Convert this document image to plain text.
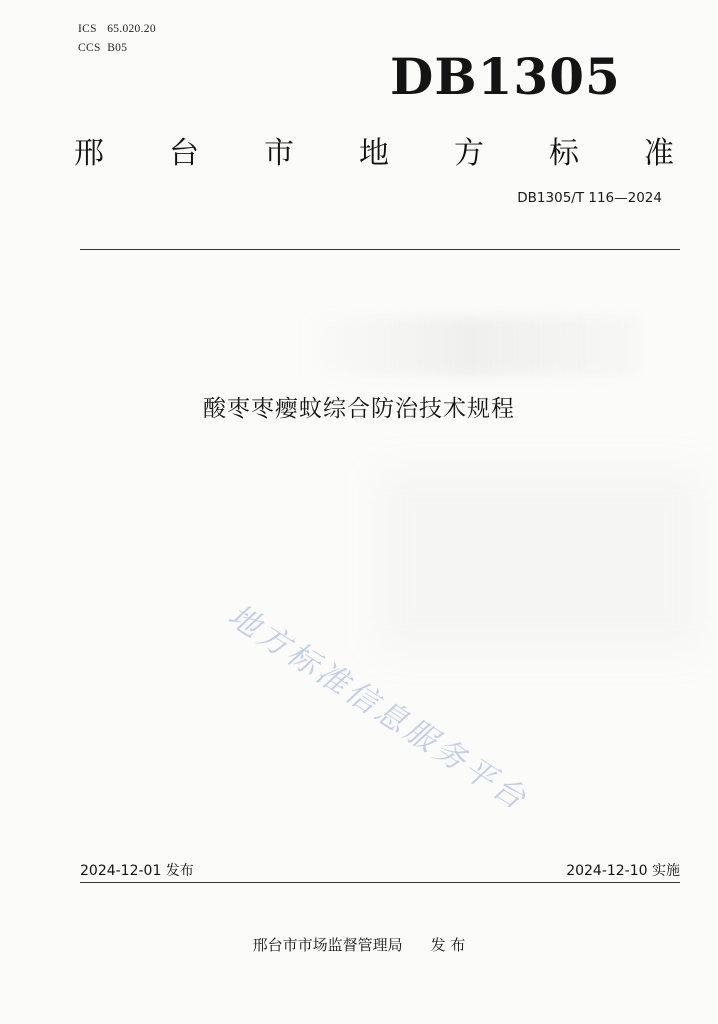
ICS 65.020.20
CCS B05	DB1305
邢 台 市 地 方 标 准
DB1305/T 116—2024
酸枣枣瘿蚊综合防治技术规程
地方标准信息服务平台
2024-12-01 发布	2024-12-10 实施
邢台市市场监督管理局 发 布
